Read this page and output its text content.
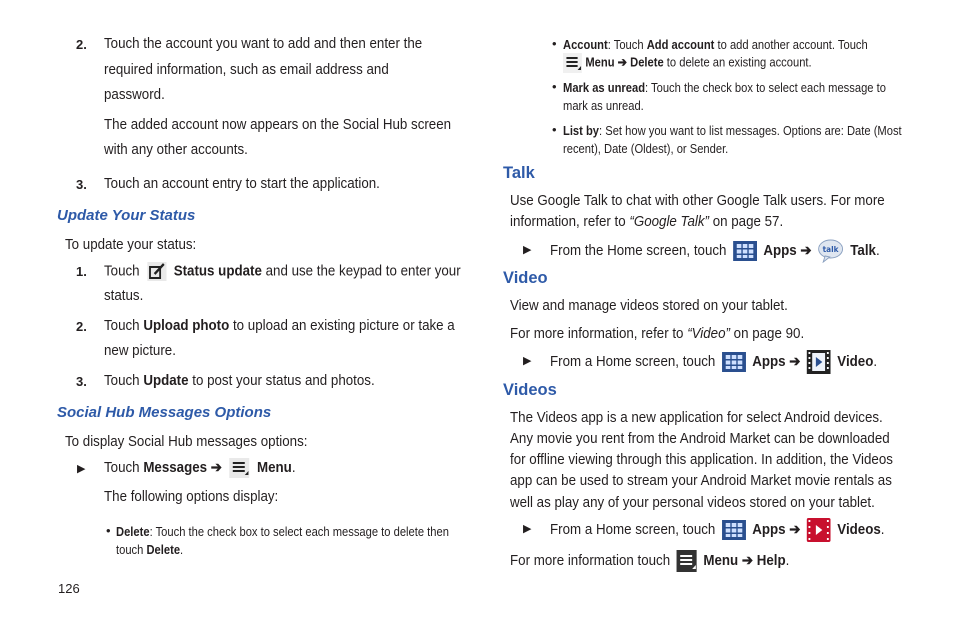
2. Touch the account you want to add and then enter the
required information, such as email address and
password.
The added account now appears on the Social Hub screen
with any other accounts.
3. Touch an account entry to start the application.
Update Your Status
To update your status:
1. Touch Status update and use the keypad to enter your
status.
2. Touch Upload photo to upload an existing picture or take a
new picture.
3. Touch Update to post your status and photos.
Social Hub Messages Options
To display Social Hub messages options:
▶ Touch Messages ➔ Menu.
The following options display:
• Delete: Touch the check box to select each message to delete then
touch Delete.
126
• Account: Touch Add account to add another account. Touch
Menu ➔ Delete to delete an existing account.
• Mark as unread: Touch the check box to select each message to
mark as unread.
• List by: Set how you want to list messages. Options are: Date (Most
recent), Date (Oldest), or Sender.
Talk
Use Google Talk to chat with other Google Talk users. For more
information, refer to “Google Talk” on page 57.
▶ From the Home screen, touch	Apps ➔ talk Talk.
Video
View and manage videos stored on your tablet.
For more information, refer to “Video” on page 90.
▶ From a Home screen, touch	Apps ➔	Video.
Videos
The Videos app is a new application for select Android devices.
Any movie you rent from the Android Market can be downloaded
for offline viewing through this application. In addition, the Videos
app can be used to stream your Android Market movie rentals as
well as play any of your personal videos stored on your tablet.
▶ From a Home screen, touch	Apps ➔	Videos.
For more information touch Menu ➔ Help.
